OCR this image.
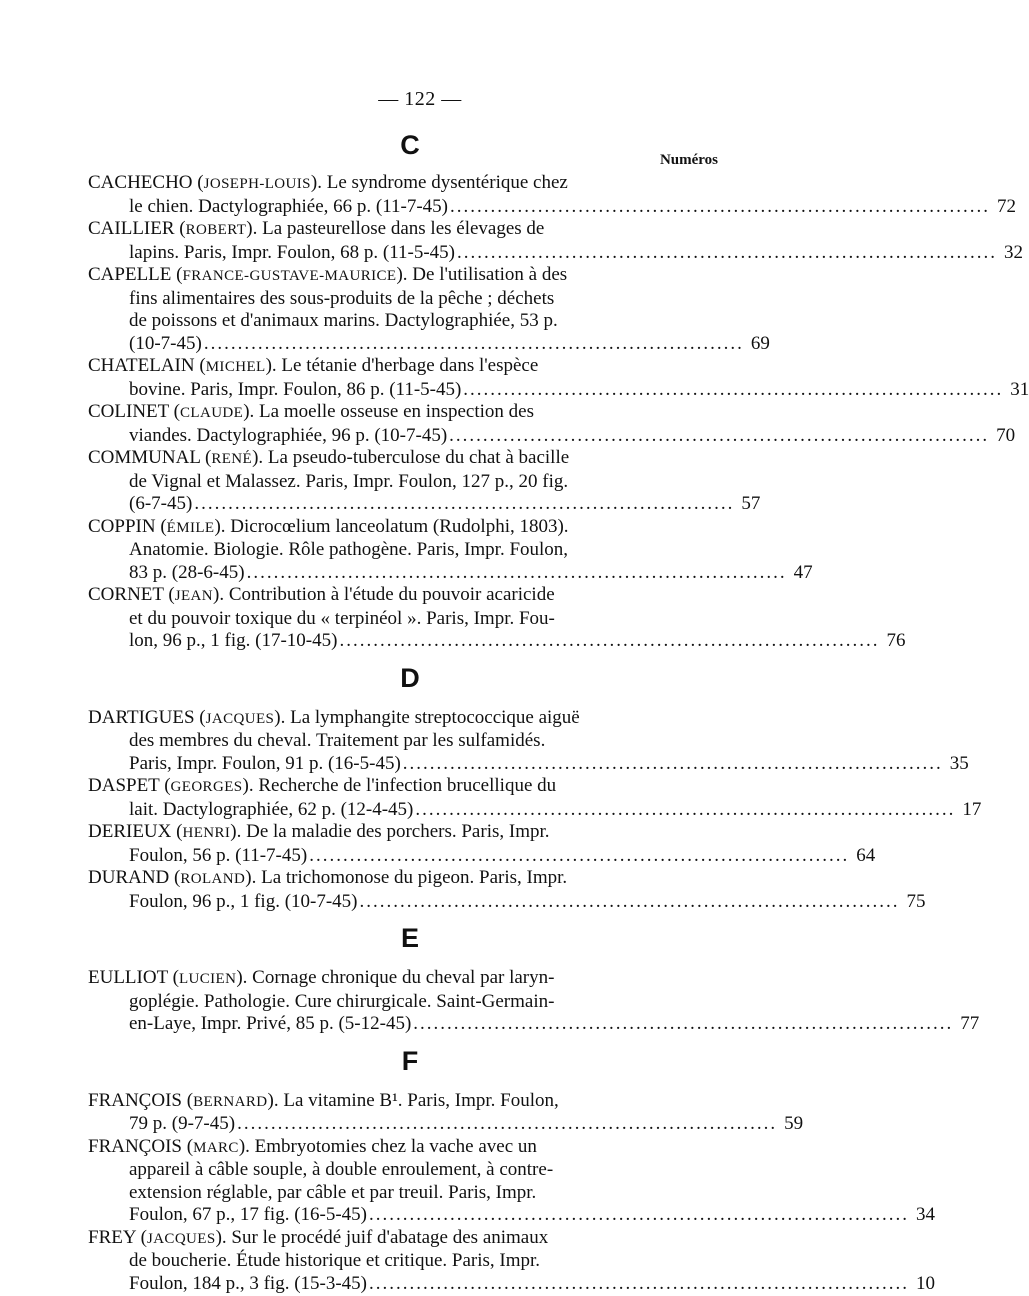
— 122 —
C	Numéros
CACHECHO (JOSEPH-LOUIS). Le syndrome dysentérique chez
le chien. Dactylographiée, 66 p. (11-7-45) ................................................................................ 72
CAILLIER (ROBERT). La pasteurellose dans les élevages de
lapins. Paris, Impr. Foulon, 68 p. (11-5-45) ................................................................................ 32
CAPELLE (FRANCE-GUSTAVE-MAURICE). De l'utilisation à des
fins alimentaires des sous-produits de la pêche ; déchets
de poissons et d'animaux marins. Dactylographiée, 53 p.
(10-7-45) ................................................................................ 69
CHATELAIN (MICHEL). Le tétanie d'herbage dans l'espèce
bovine. Paris, Impr. Foulon, 86 p. (11-5-45) ................................................................................ 31
COLINET (CLAUDE). La moelle osseuse en inspection des
viandes. Dactylographiée, 96 p. (10-7-45) ................................................................................ 70
COMMUNAL (RENÉ). La pseudo-tuberculose du chat à bacille
de Vignal et Malassez. Paris, Impr. Foulon, 127 p., 20 fig.
(6-7-45) ................................................................................ 57
COPPIN (ÉMILE). Dicrocœlium lanceolatum (Rudolphi, 1803).
Anatomie. Biologie. Rôle pathogène. Paris, Impr. Foulon,
83 p. (28-6-45) ................................................................................ 47
CORNET (JEAN). Contribution à l'étude du pouvoir acaricide
et du pouvoir toxique du « terpinéol ». Paris, Impr. Fou-
lon, 96 p., 1 fig. (17-10-45) ................................................................................ 76
D
DARTIGUES (JACQUES). La lymphangite streptococcique aiguë
des membres du cheval. Traitement par les sulfamidés.
Paris, Impr. Foulon, 91 p. (16-5-45) ................................................................................ 35
DASPET (GEORGES). Recherche de l'infection brucellique du
lait. Dactylographiée, 62 p. (12-4-45) ................................................................................ 17
DERIEUX (HENRI). De la maladie des porchers. Paris, Impr.
Foulon, 56 p. (11-7-45) ................................................................................ 64
DURAND (ROLAND). La trichomonose du pigeon. Paris, Impr.
Foulon, 96 p., 1 fig. (10-7-45) ................................................................................ 75
E
EULLIOT (LUCIEN). Cornage chronique du cheval par laryn-
goplégie. Pathologie. Cure chirurgicale. Saint-Germain-
en-Laye, Impr. Privé, 85 p. (5-12-45) ................................................................................ 77
F
FRANÇOIS (BERNARD). La vitamine B¹. Paris, Impr. Foulon,
79 p. (9-7-45) ................................................................................ 59
FRANÇOIS (MARC). Embryotomies chez la vache avec un
appareil à câble souple, à double enroulement, à contre-
extension réglable, par câble et par treuil. Paris, Impr.
Foulon, 67 p., 17 fig. (16-5-45) ................................................................................ 34
FREY (JACQUES). Sur le procédé juif d'abatage des animaux
de boucherie. Étude historique et critique. Paris, Impr.
Foulon, 184 p., 3 fig. (15-3-45) ................................................................................ 10
